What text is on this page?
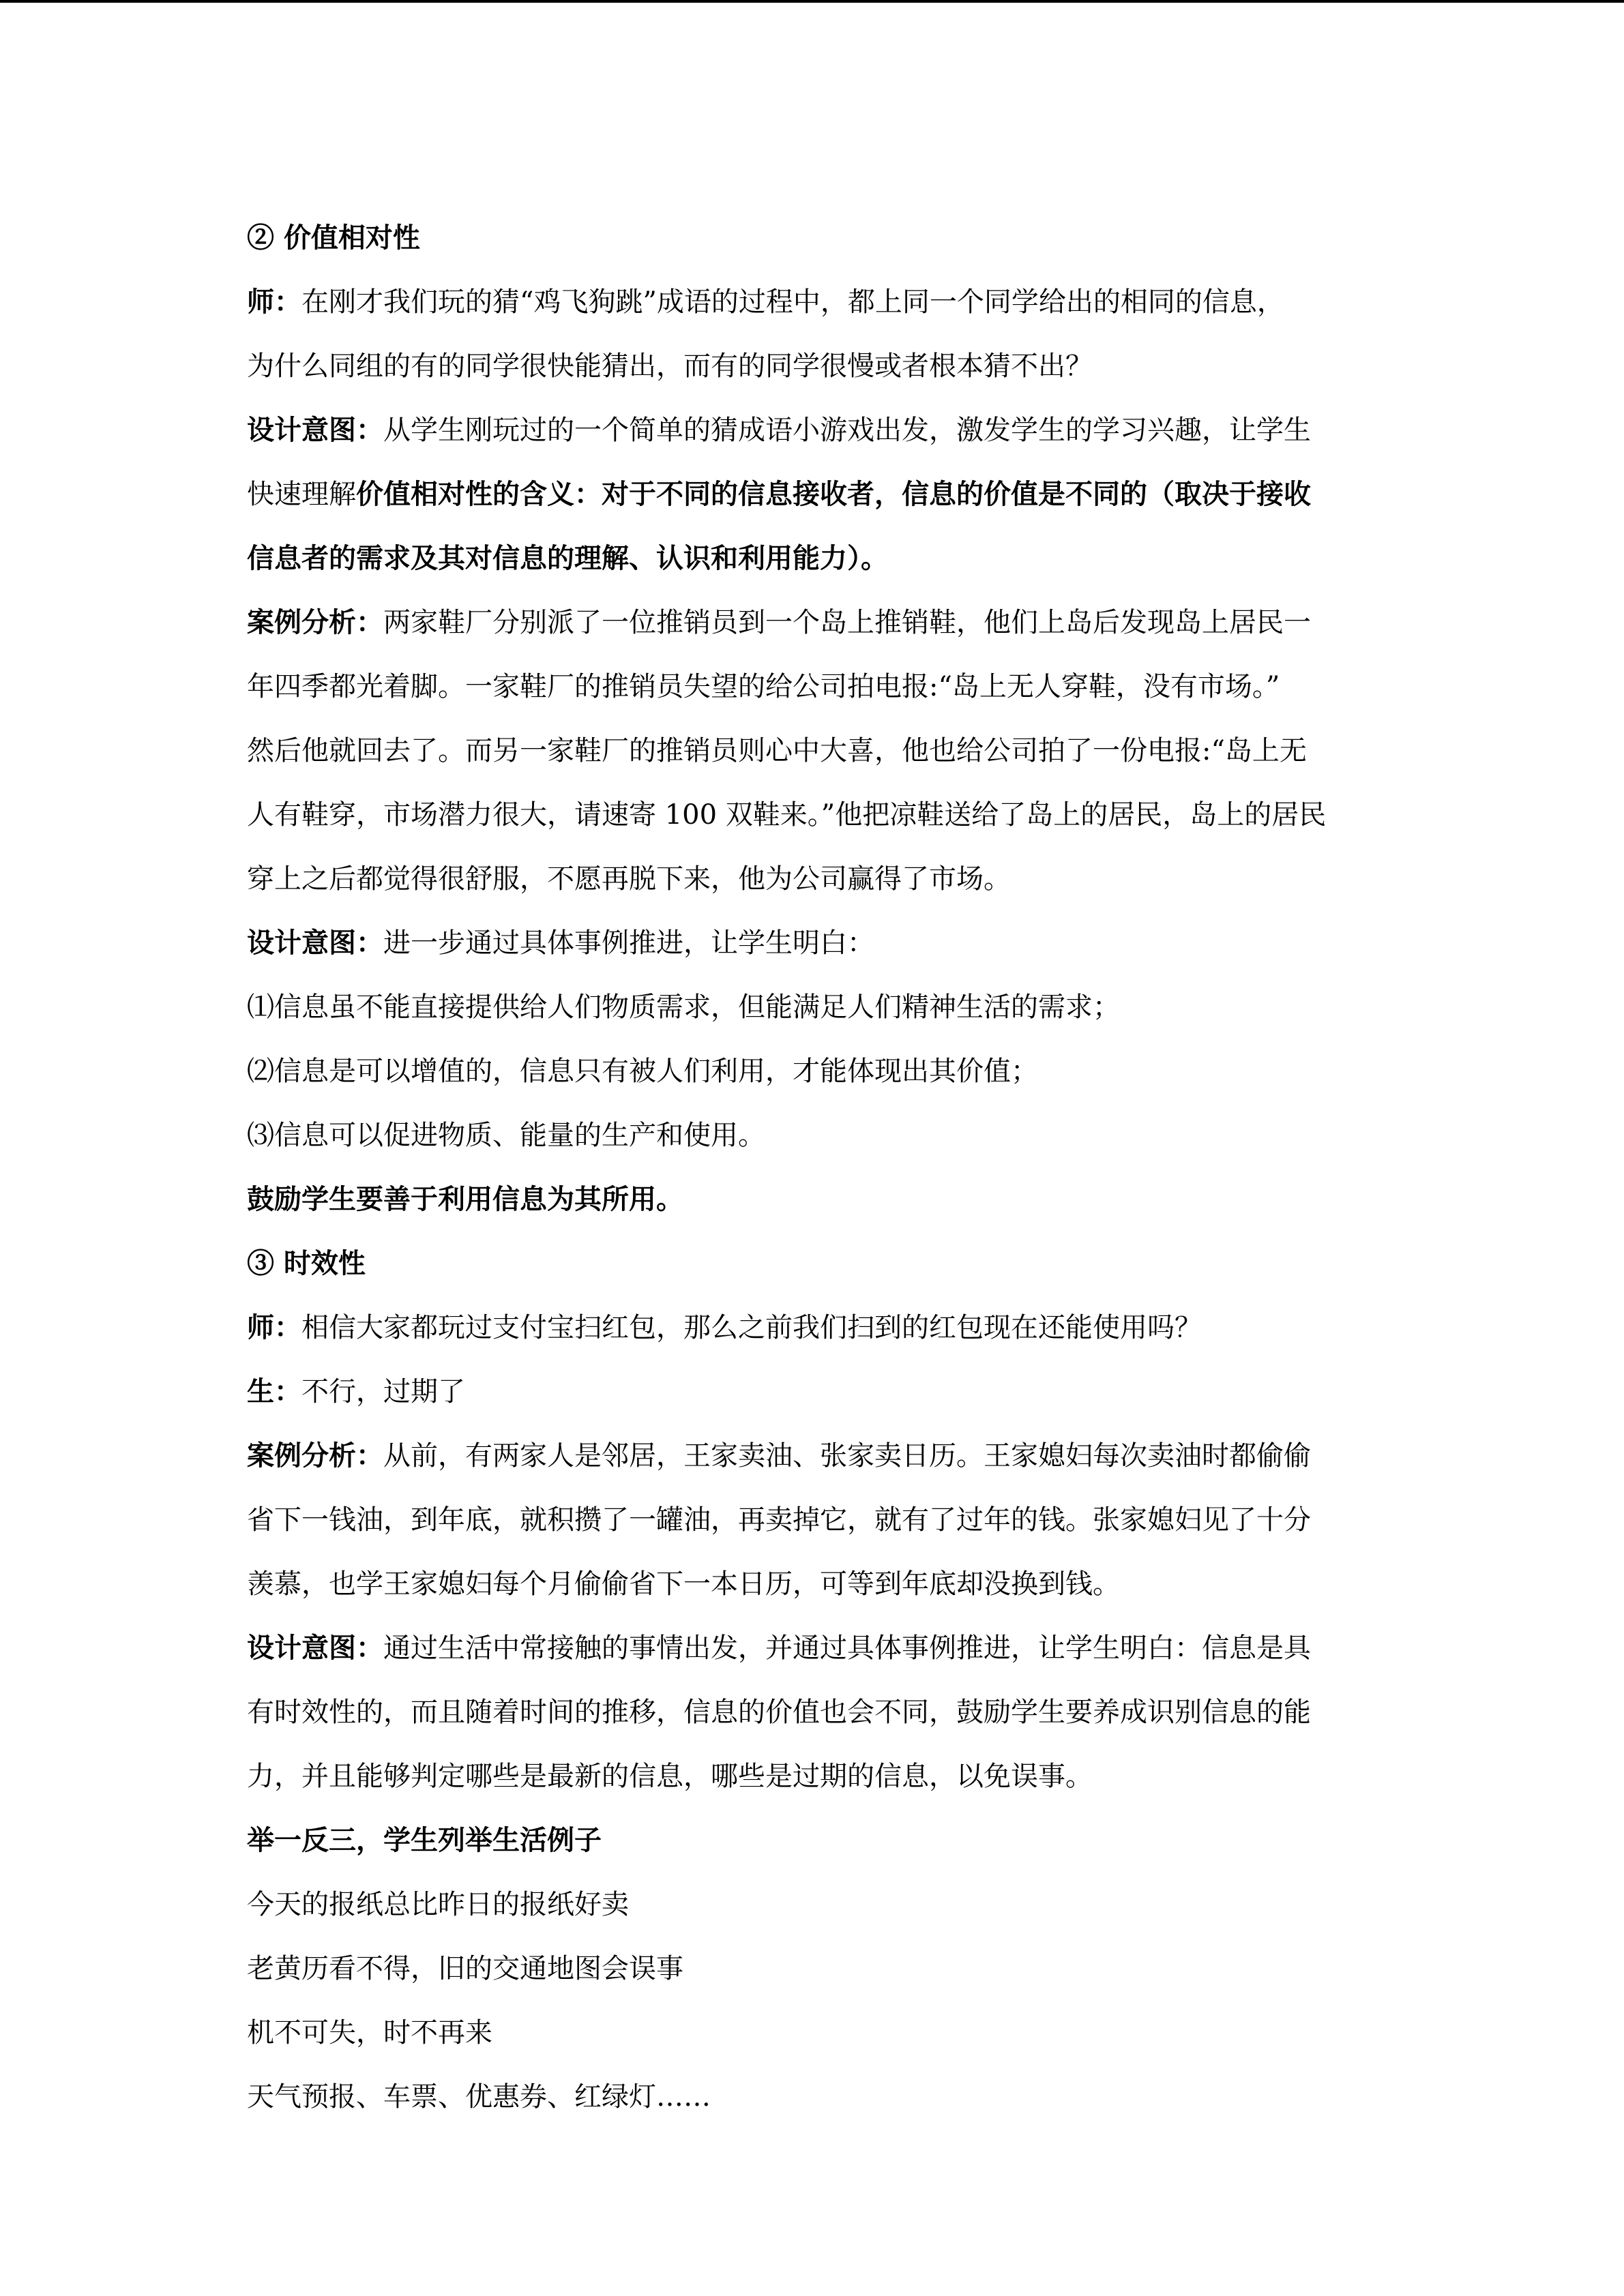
② 价值相对性

师：在刚才我们玩的猜“鸡飞狗跳”成语的过程中，都上同一个同学给出的相同的信息，

为什么同组的有的同学很快能猜出，而有的同学很慢或者根本猜不出？

设计意图：从学生刚玩过的一个简单的猜成语小游戏出发，激发学生的学习兴趣，让学生

快速理解价值相对性的含义：对于不同的信息接收者，信息的价值是不同的（取决于接收

信息者的需求及其对信息的理解、认识和利用能力）。

案例分析：两家鞋厂分别派了一位推销员到一个岛上推销鞋，他们上岛后发现岛上居民一

年四季都光着脚。一家鞋厂的推销员失望的给公司拍电报:“岛上无人穿鞋，没有市场。”

然后他就回去了。而另一家鞋厂的推销员则心中大喜，他也给公司拍了一份电报:“岛上无

人有鞋穿，市场潜力很大，请速寄 100 双鞋来。”他把凉鞋送给了岛上的居民，岛上的居民

穿上之后都觉得很舒服，不愿再脱下来，他为公司赢得了市场。

设计意图：进一步通过具体事例推进，让学生明白：

⑴信息虽不能直接提供给人们物质需求，但能满足人们精神生活的需求；

⑵信息是可以增值的，信息只有被人们利用，才能体现出其价值；

⑶信息可以促进物质、能量的生产和使用。

鼓励学生要善于利用信息为其所用。

③ 时效性

师：相信大家都玩过支付宝扫红包，那么之前我们扫到的红包现在还能使用吗？

生：不行，过期了

案例分析：从前，有两家人是邻居，王家卖油、张家卖日历。王家媳妇每次卖油时都偷偷

省下一钱油，到年底，就积攒了一罐油，再卖掉它，就有了过年的钱。张家媳妇见了十分

羡慕，也学王家媳妇每个月偷偷省下一本日历，可等到年底却没换到钱。

设计意图：通过生活中常接触的事情出发，并通过具体事例推进，让学生明白：信息是具

有时效性的，而且随着时间的推移，信息的价值也会不同，鼓励学生要养成识别信息的能

力，并且能够判定哪些是最新的信息，哪些是过期的信息，以免误事。

举一反三，学生列举生活例子

今天的报纸总比昨日的报纸好卖

老黄历看不得，旧的交通地图会误事

机不可失，时不再来

天气预报、车票、优惠券、红绿灯……
